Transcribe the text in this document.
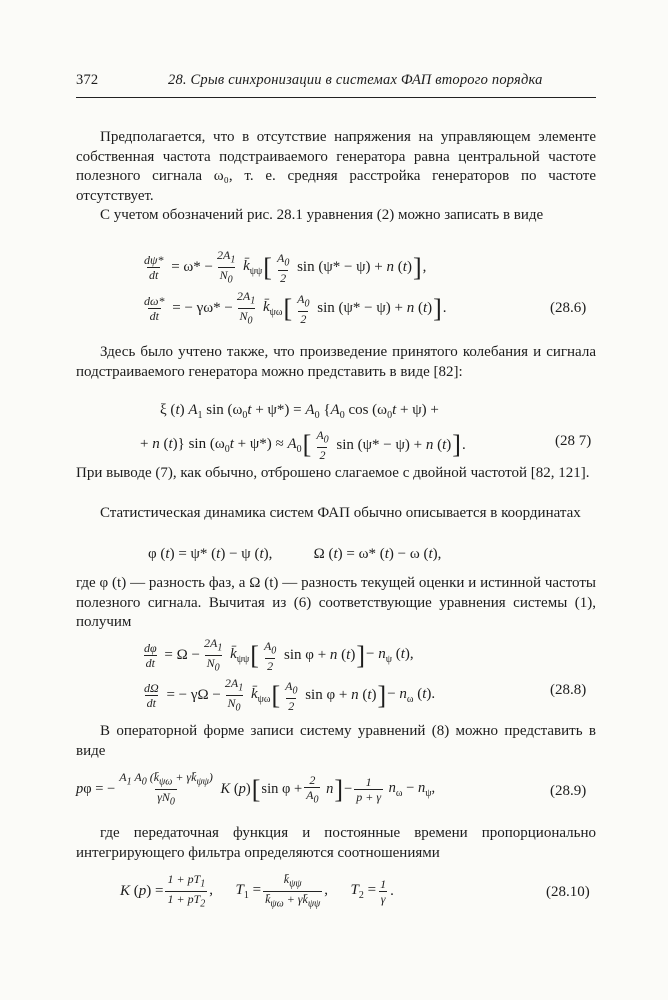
372	28. Срыв синхронизации в системах ФАП второго порядка
Предполагается, что в отсутствие напряжения на управляющем элементе собственная частота подстраиваемого генератора равна центральной частоте полезного сигнала ω₀, т. е. средняя расстройка генераторов по частоте отсутствует.
С учетом обозначений рис. 28.1 уравнения (2) можно записать в виде
$\frac{d\psi*}{dt} = \omega* - \frac{2A_1}{N_0}$ $k̄_{\psi\psi}$ [ $A_0$
2
sin (ψ* − ψ) + n (t) ] ,
$\frac{d\omega*}{dt}$ = − $\gamma\omega* - \frac{2A_1}{N_0}$ $k̄_{\psi\omega}$ [ $A_0$
2
sin (ψ* − ψ) + n (t) ] .	(28.6)
Здесь было учтено также, что произведение принятого колебания и сигнала подстраиваемого генератора можно представить в виде [82]:
ξ (t) $A_1$ $\sin (\omega_0t + \psi*) = A_0$ {$A_0$ $\cos (\omega_0t + \psi)$ +
+ n (t)} $\sin (\omega_0t + \psi*) \approx A_0$ [ $A_0$
2
sin (ψ* − ψ) + n (t) ] .	(28 7)
При выводе (7), как обычно, отброшено слагаемое с двойной частотой [82, 121].
Статистическая динамика систем ФАП обычно описывается в координатах
φ (t) = ψ* (t) − ψ (t),           Ω (t) = ω* (t) − ω (t),
где φ (t) — разность фаз, а Ω (t) — разность текущей оценки и истинной частоты полезного сигнала. Вычитая из (6) соответствующие уравнения системы (1), получим
$\frac{d\varphi}{dt} = \Omega - \frac{2A_1}{N_0}$ $k̄_{\psi\psi}$ [ $A_0$
2
sin φ + n (t) ] − $n_\psi$ (t),
$\frac{d\Omega}{dt}$ = − $\gamma\Omega - \frac{2A_1}{N_0}$ $k̄_{\psi\omega}$ [ $A_0$
2
sin φ + n (t) ] − $n_\omega$ (t).	(28.8)
В операторной форме записи систему уравнений (8) можно представить в виде
pφ = − $\frac{A_1 A_0 (k̄_{\psi\omega} + \gamma k̄_{\psi\psi})}{\gamma N_0}$ K (p) [ $\sin \varphi + \frac{2}{A_0}$ n ] − $\frac{1}{p + \gamma} n_\omega - n_\psi$,	(28.9)
где передаточная функция и постоянные времени пропорционально интегрирующего фильтра определяются соотношениями
K $(p) = \frac{1 + pT_1}{1 + pT_2}$ ,      $T_1 = \frac{k̄_{\psi\psi}}{k̄_{\psi\omega} + \gamma k̄_{\psi\psi}}$ ,      $T_2 = \frac{1}{\gamma}$ .	(28.10)
